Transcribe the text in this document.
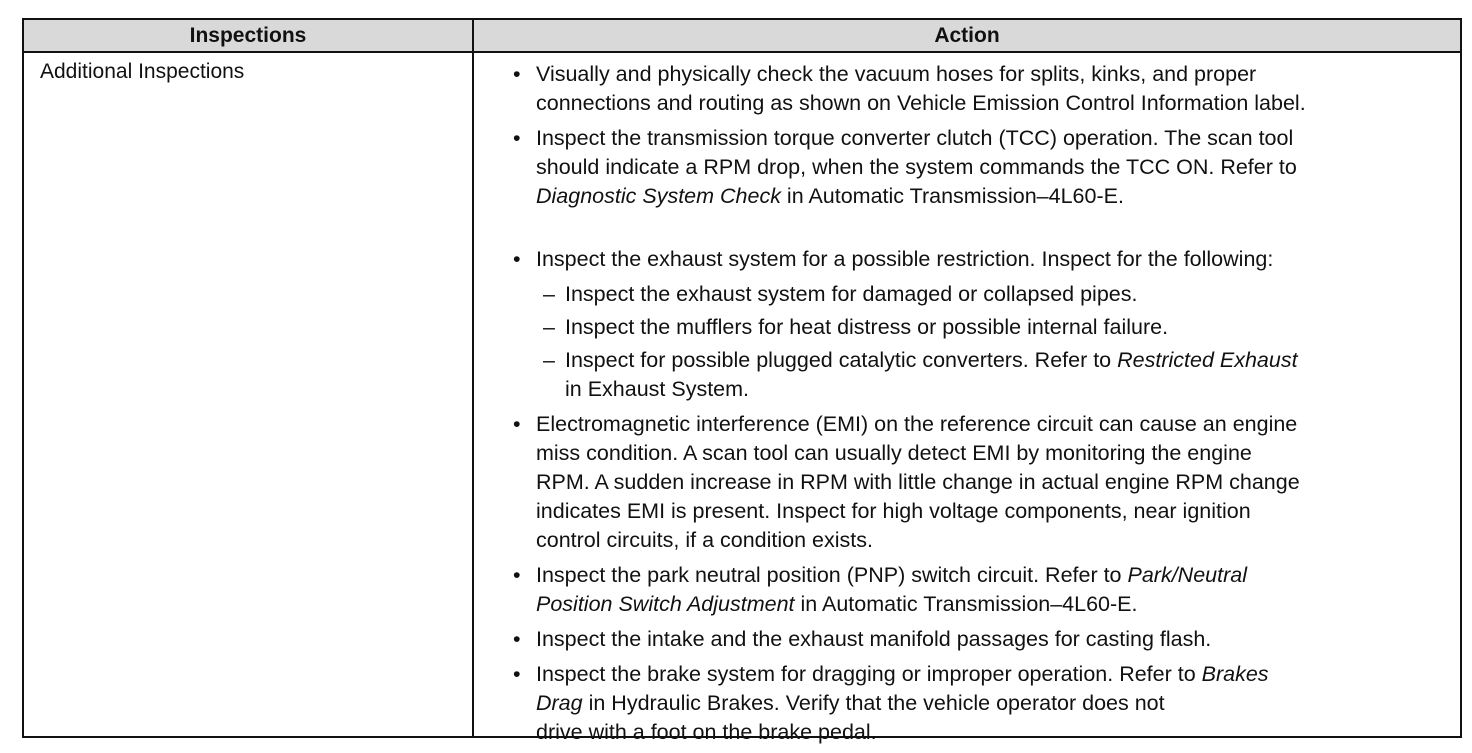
Inspections	Action
Additional Inspections	• Visually and physically check the vacuum hoses for splits, kinks, and proper
connections and routing as shown on Vehicle Emission Control Information label.
• Inspect the transmission torque converter clutch (TCC) operation. The scan tool
should indicate a RPM drop, when the system commands the TCC ON. Refer to
Diagnostic System Check in Automatic Transmission–4L60-E.
• Inspect the exhaust system for a possible restriction. Inspect for the following:
– Inspect the exhaust system for damaged or collapsed pipes.
– Inspect the mufflers for heat distress or possible internal failure.
– Inspect for possible plugged catalytic converters. Refer to Restricted Exhaust
in Exhaust System.
• Electromagnetic interference (EMI) on the reference circuit can cause an engine
miss condition. A scan tool can usually detect EMI by monitoring the engine
RPM. A sudden increase in RPM with little change in actual engine RPM change
indicates EMI is present. Inspect for high voltage components, near ignition
control circuits, if a condition exists.
• Inspect the park neutral position (PNP) switch circuit. Refer to Park/Neutral
Position Switch Adjustment in Automatic Transmission–4L60-E.
• Inspect the intake and the exhaust manifold passages for casting flash.
• Inspect the brake system for dragging or improper operation. Refer to Brakes
Drag in Hydraulic Brakes. Verify that the vehicle operator does not
drive with a foot on the brake pedal.
